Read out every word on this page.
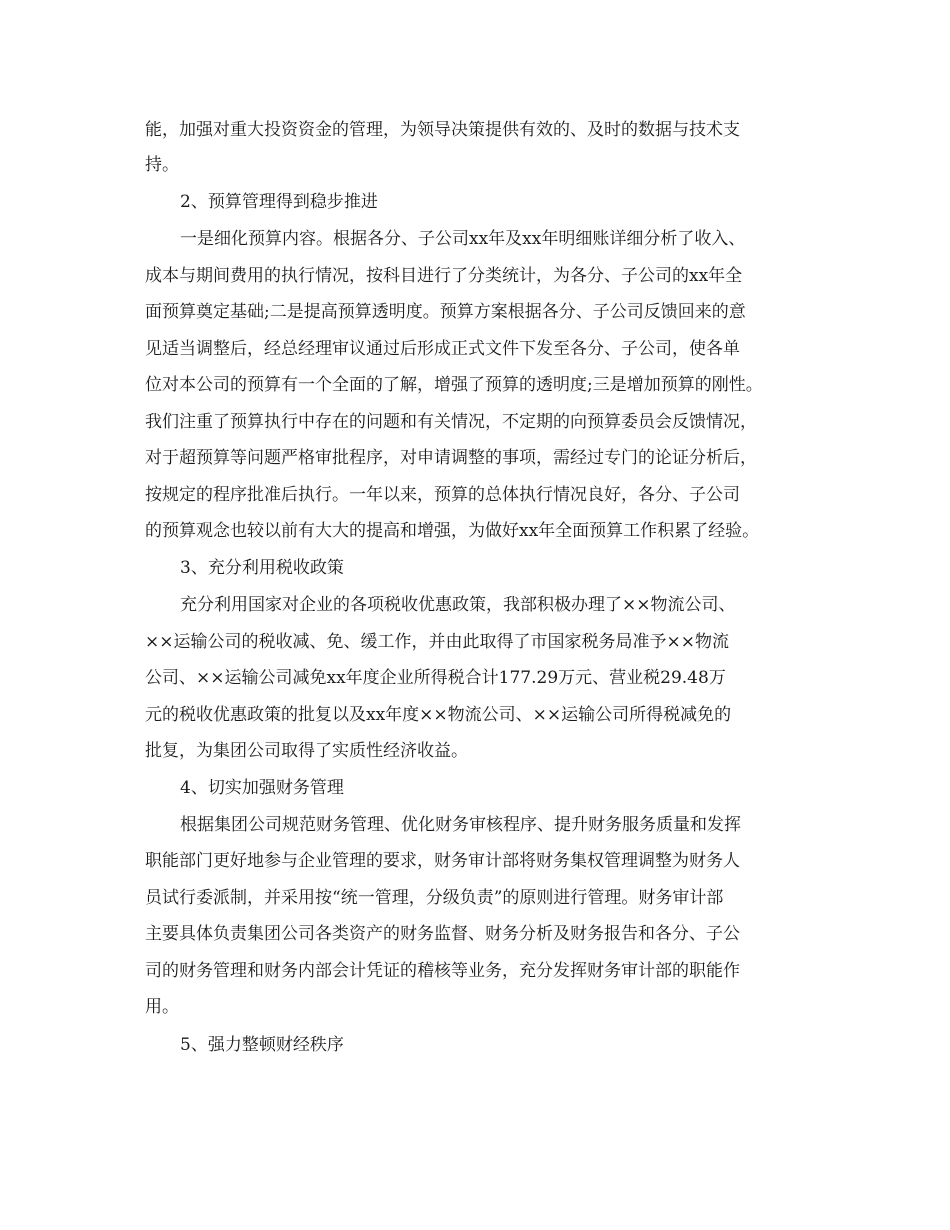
能，加强对重大投资资金的管理，为领导决策提供有效的、及时的数据与技术支
持。
2、预算管理得到稳步推进
一是细化预算内容。根据各分、子公司xx年及xx年明细账详细分析了收入、
成本与期间费用的执行情况，按科目进行了分类统计，为各分、子公司的xx年全
面预算奠定基础;二是提高预算透明度。预算方案根据各分、子公司反馈回来的意
见适当调整后，经总经理审议通过后形成正式文件下发至各分、子公司，使各单
位对本公司的预算有一个全面的了解，增强了预算的透明度;三是增加预算的刚性。
我们注重了预算执行中存在的问题和有关情况，不定期的向预算委员会反馈情况，
对于超预算等问题严格审批程序，对申请调整的事项，需经过专门的论证分析后，
按规定的程序批准后执行。一年以来，预算的总体执行情况良好，各分、子公司
的预算观念也较以前有大大的提高和增强，为做好xx年全面预算工作积累了经验。
3、充分利用税收政策
充分利用国家对企业的各项税收优惠政策，我部积极办理了××物流公司、
××运输公司的税收减、免、缓工作，并由此取得了市国家税务局准予××物流
公司、××运输公司减免xx年度企业所得税合计177.29万元、营业税29.48万
元的税收优惠政策的批复以及xx年度××物流公司、××运输公司所得税减免的
批复，为集团公司取得了实质性经济收益。
4、切实加强财务管理
根据集团公司规范财务管理、优化财务审核程序、提升财务服务质量和发挥
职能部门更好地参与企业管理的要求，财务审计部将财务集权管理调整为财务人
员试行委派制，并采用按“统一管理，分级负责”的原则进行管理。财务审计部
主要具体负责集团公司各类资产的财务监督、财务分析及财务报告和各分、子公
司的财务管理和财务内部会计凭证的稽核等业务，充分发挥财务审计部的职能作
用。
5、强力整顿财经秩序
